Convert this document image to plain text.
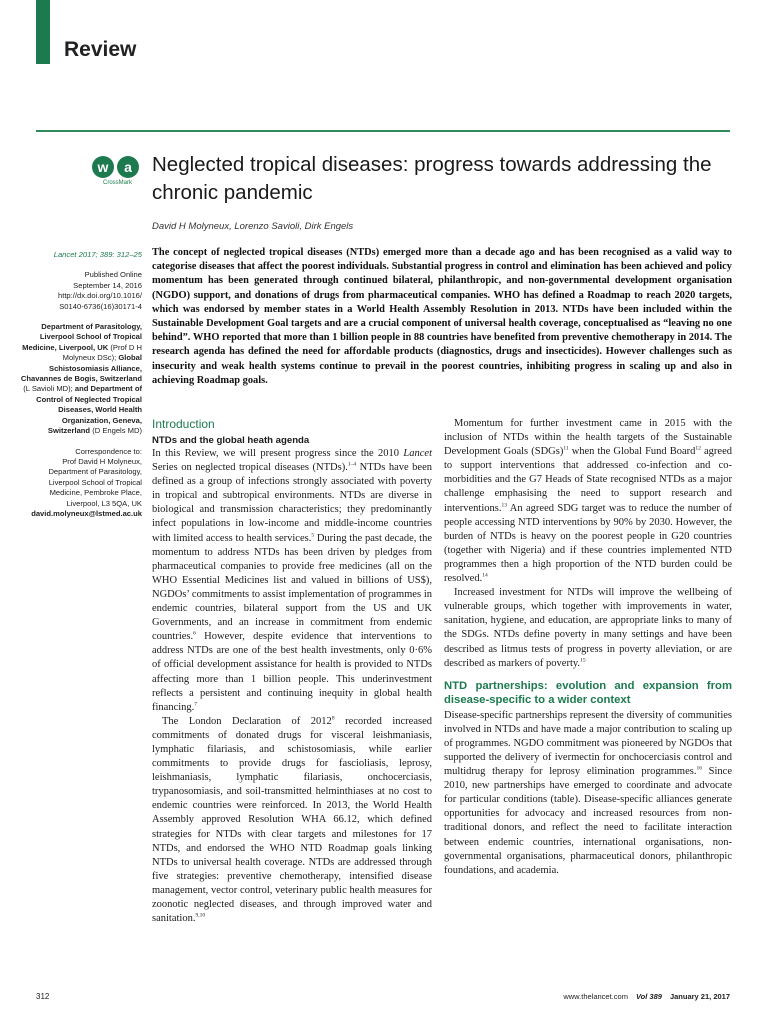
Review
w	a
CrossMark
Neglected tropical diseases: progress towards addressing the chronic pandemic
David H Molyneux, Lorenzo Savioli, Dirk Engels
Lancet 2017; 389: 312–25
Published Online
September 14, 2016
http://dx.doi.org/10.1016/
S0140-6736(16)30171-4
Department of Parasitology, Liverpool School of Tropical Medicine, Liverpool, UK (Prof D H Molyneux DSc); Global Schistosomiasis Alliance, Chavannes de Bogis, Switzerland (L Savioli MD); and Department of Control of Neglected Tropical Diseases, World Health Organization, Geneva, Switzerland (D Engels MD)
Correspondence to:
Prof David H Molyneux,
Department of Parasitology,
Liverpool School of Tropical
Medicine, Pembroke Place,
Liverpool, L3 5QA, UK
david.molyneux@lstmed.ac.uk
The concept of neglected tropical diseases (NTDs) emerged more than a decade ago and has been recognised as a valid way to categorise diseases that affect the poorest individuals. Substantial progress in control and elimination has been achieved and policy momentum has been generated through continued bilateral, philanthropic, and non-governmental development organisation (NGDO) support, and donations of drugs from pharmaceutical companies. WHO has defined a Roadmap to reach 2020 targets, which was endorsed by member states in a World Health Assembly Resolution in 2013. NTDs have been included within the Sustainable Development Goal targets and are a crucial component of universal health coverage, conceptualised as “leaving no one behind”. WHO reported that more than 1 billion people in 88 countries have benefited from preventive chemotherapy in 2014. The research agenda has defined the need for affordable products (diagnostics, drugs and insecticides). However challenges such as insecurity and weak health systems continue to prevail in the poorest countries, inhibiting progress in scaling up and also in achieving Roadmap goals.
Introduction
NTDs and the global heath agenda

In this Review, we will present progress since the 2010 Lancet Series on neglected tropical diseases (NTDs).$^{1-4}$ NTDs have been defined as a group of infections strongly associated with poverty in tropical and subtropical environments. NTDs are diverse in biological and transmission characteristics; they predominantly infect populations in low-income and middle-income countries with limited access to health services.$^5$ During the past decade, the momentum to address NTDs has been driven by pledges from pharmaceutical companies to provide free medicines (all on the WHO Essential Medicines list and valued in billions of US$), NGDOs’ commitments to assist implementation of programmes in endemic countries, bilateral support from the US and UK Governments, and an increase in commitment from endemic countries.$^6$ However, despite evidence that interventions to address NTDs are one of the best health investments, only 0·6% of official development assistance for health is provided to NTDs affecting more than 1 billion people. This underinvestment reflects a persistent and continuing inequity in global health financing.$^7$

The London Declaration of 2012$^8$ recorded increased commitments of donated drugs for visceral leishmaniasis, lymphatic filariasis, and schistosomiasis, while earlier commitments to provide drugs for fascioliasis, leprosy, leishmaniasis, lymphatic filariasis, onchocerciasis, trypanosomiasis, and soil-transmitted helminthiases at no cost to endemic countries were reinforced. In 2013, the World Health Assembly approved Resolution WHA 66.12, which defined strategies for NTDs with clear targets and milestones for 17 NTDs, and endorsed the WHO NTD Roadmap goals linking NTDs to universal health coverage. NTDs are addressed through five strategies: preventive chemotherapy, intensified disease management, vector control, veterinary public health measures for zoonotic neglected diseases, and through improved water and sanitation.$^{9,10}$

Momentum for further investment came in 2015 with the inclusion of NTDs within the health targets of the Sustainable Development Goals (SDGs)$^{11}$ when the Global Fund Board$^{12}$ agreed to support interventions that addressed co-infection and co-morbidities and the G7 Heads of State recognised NTDs as a major challenge emphasising the need to support research and interventions.$^{13}$ An agreed SDG target was to reduce the number of people accessing NTD interventions by 90% by 2030. However, the burden of NTDs is heavy on the poorest people in G20 countries (together with Nigeria) and if these countries implemented NTD programmes then a high proportion of the NTD burden could be resolved.$^{14}$

Increased investment for NTDs will improve the wellbeing of vulnerable groups, which together with improvements in water, sanitation, hygiene, and education, are appropriate links to many of the SDGs. NTDs define poverty in many settings and have been described as litmus tests of progress in poverty alleviation, or are described as markers of poverty.$^{15}$

NTD partnerships: evolution and expansion from disease-specific to a wider context

Disease-specific partnerships represent the diversity of communities involved in NTDs and have made a major contribution to scaling up of programmes. NGDO commitment was pioneered by NGDOs that supported the delivery of ivermectin for onchocerciasis control and multidrug therapy for leprosy elimination programmes.$^{16}$ Since 2010, new partnerships have emerged to coordinate and advocate for particular conditions (table). Disease-specific alliances generate opportunities for advocacy and increased resources from non-traditional donors, and reflect the need to facilitate interaction between endemic countries, international organisations, non-governmental organisations, pharmaceutical donors, philanthropic foundations, and academia.

312	www.thelancet.com Vol 389 January 21, 2017
